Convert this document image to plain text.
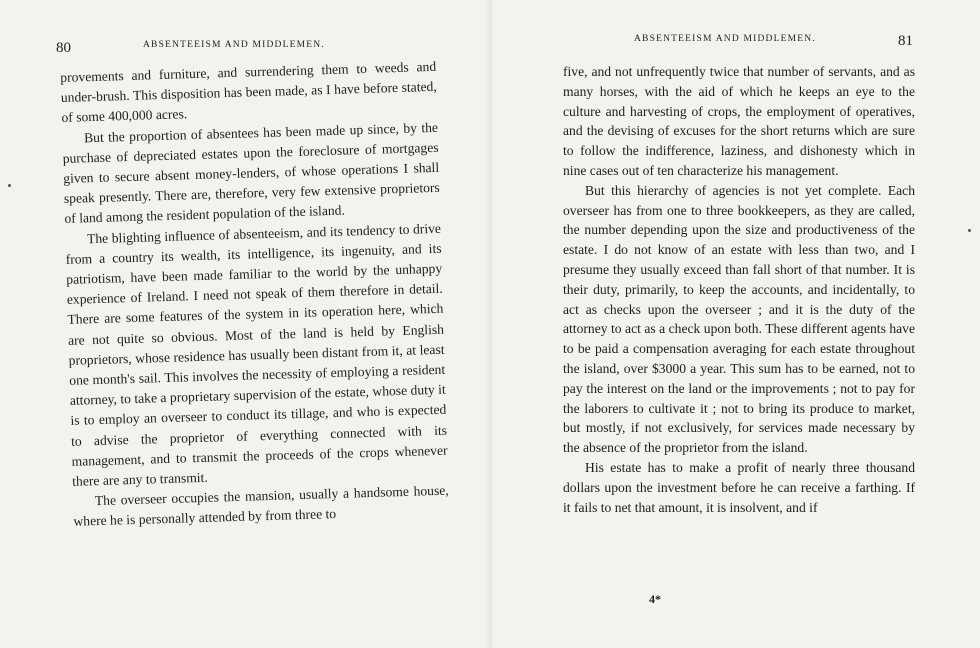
80	ABSENTEEISM AND MIDDLEMEN.

provements and furniture, and surrendering them to weeds and under-brush. This disposition has been made, as I have before stated, of some 400,000 acres.

But the proportion of absentees has been made up since, by the purchase of depreciated estates upon the foreclosure of mortgages given to secure absent money-lenders, of whose operations I shall speak presently. There are, therefore, very few extensive proprietors of land among the resident population of the island.

The blighting influence of absenteeism, and its tendency to drive from a country its wealth, its intelligence, its ingenuity, and its patriotism, have been made familiar to the world by the unhappy experience of Ireland. I need not speak of them therefore in detail. There are some features of the system in its operation here, which are not quite so obvious. Most of the land is held by English proprietors, whose residence has usually been distant from it, at least one month's sail. This involves the necessity of employing a resident attorney, to take a proprietary supervision of the estate, whose duty it is to employ an overseer to conduct its tillage, and who is expected to advise the proprietor of everything connected with its management, and to transmit the proceeds of the crops whenever there are any to transmit.

The overseer occupies the mansion, usually a handsome house, where he is personally attended by from three to

ABSENTEEISM AND MIDDLEMEN.	81

five, and not unfrequently twice that number of servants, and as many horses, with the aid of which he keeps an eye to the culture and harvesting of crops, the employment of operatives, and the devising of excuses for the short returns which are sure to follow the indifference, laziness, and dishonesty which in nine cases out of ten characterize his management.

But this hierarchy of agencies is not yet complete. Each overseer has from one to three bookkeepers, as they are called, the number depending upon the size and productiveness of the estate. I do not know of an estate with less than two, and I presume they usually exceed than fall short of that number. It is their duty, primarily, to keep the accounts, and incidentally, to act as checks upon the overseer ; and it is the duty of the attorney to act as a check upon both. These different agents have to be paid a compensation averaging for each estate throughout the island, over $3000 a year. This sum has to be earned, not to pay the interest on the land or the improvements ; not to pay for the laborers to cultivate it ; not to bring its produce to market, but mostly, if not exclusively, for services made necessary by the absence of the proprietor from the island.

His estate has to make a profit of nearly three thousand dollars upon the investment before he can receive a farthing. If it fails to net that amount, it is insolvent, and if

4*
